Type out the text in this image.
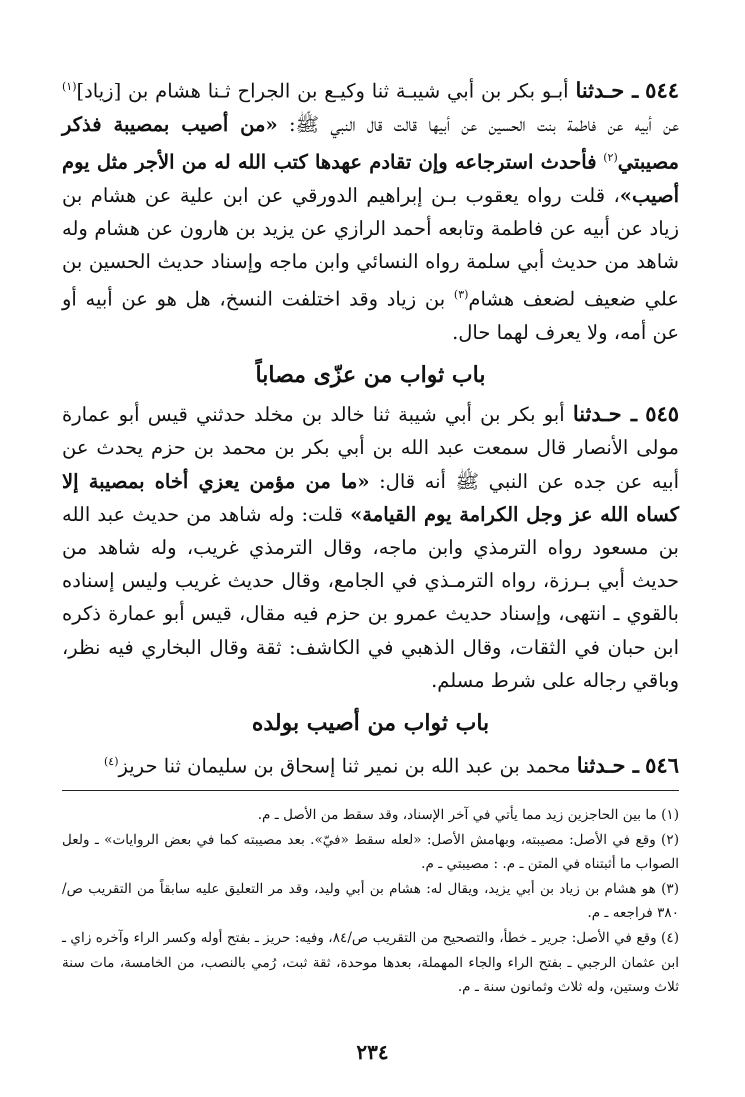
٥٤٤ ـ حـدثنا أبـو بكر بن أبي شيبـة ثنا وكيـع بن الجراح ثـنا هشام بن [زياد]$^{(١)}$ عن أبيه عن فاطمة بنت الحسين عن أبيها قالت قال النبي ﷺ: «من أصيب بمصيبة فذكر مصيبتي$^{(٢)}$ فأحدث استرجاعه وإن تقادم عهدها كتب الله له من الأجر مثل يوم أصيب»، قلت رواه يعقوب بـن إبراهيم الدورقي عن ابن علية عن هشام بن زياد عن أبيه عن فاطمة وتابعه أحمد الرازي عن يزيد بن هارون عن هشام وله شاهد من حديث أبي سلمة رواه النسائي وابن ماجه وإسناد حديث الحسين بن علي ضعيف لضعف هشام$^{(٣)}$ بن زياد وقد اختلفت النسخ، هل هو عن أبيه أو عن أمه، ولا يعرف لهما حال.

باب ثواب من عزّى مصاباً

٥٤٥ ـ حـدثنا أبو بكر بن أبي شيبة ثنا خالد بن مخلد حدثني قيس أبو عمارة مولى الأنصار قال سمعت عبد الله بن أبي بكر بن محمد بن حزم يحدث عن أبيه عن جده عن النبي ﷺ أنه قال: «ما من مؤمن يعزي أخاه بمصيبة إلا كساه الله عز وجل الكرامة يوم القيامة» قلت: وله شاهد من حديث عبد الله بن مسعود رواه الترمذي وابن ماجه، وقال الترمذي غريب، وله شاهد من حديث أبي بـرزة، رواه الترمـذي في الجامع، وقال حديث غريب وليس إسناده بالقوي ـ انتهى، وإسناد حديث عمرو بن حزم فيه مقال، قيس أبو عمارة ذكره ابن حبان في الثقات، وقال الذهبي في الكاشف: ثقة وقال البخاري فيه نظر، وباقي رجاله على شرط مسلم.

باب ثواب من أصيب بولده

٥٤٦ ـ حـدثنا محمد بن عبد الله بن نمير ثنا إسحاق بن سليمان ثنا حريز$^{(٤)}$

(١) ما بين الحاجزين زيد مما يأتي في آخر الإسناد، وقد سقط من الأصل ـ م.

(٢) وقع في الأصل: مصيبته، وبهامش الأصل: «لعله سقط «فيّ». بعد مصيبته كما في بعض الروايات» ـ ولعل الصواب ما أثبتناه في المتن ـ م. : مصيبتي ـ م.

(٣) هو هشام بن زياد بن أبي يزيد، ويقال له: هشام بن أبي وليد، وقد مر التعليق عليه سابقاً من التقريب ص/٣٨٠ فراجعه ـ م.

(٤) وقع في الأصل: جرير ـ خطأ، والتصحيح من التقريب ص/٨٤، وفيه: حريز ـ بفتح أوله وكسر الراء وآخره زاي ـ ابن عثمان الرجبي ـ بفتح الراء والجاء المهملة، بعدها موحدة، ثقة ثبت، رُمي بالنصب، من الخامسة، مات سنة ثلاث وستين، وله ثلاث وثمانون سنة ـ م.

٢٣٤
